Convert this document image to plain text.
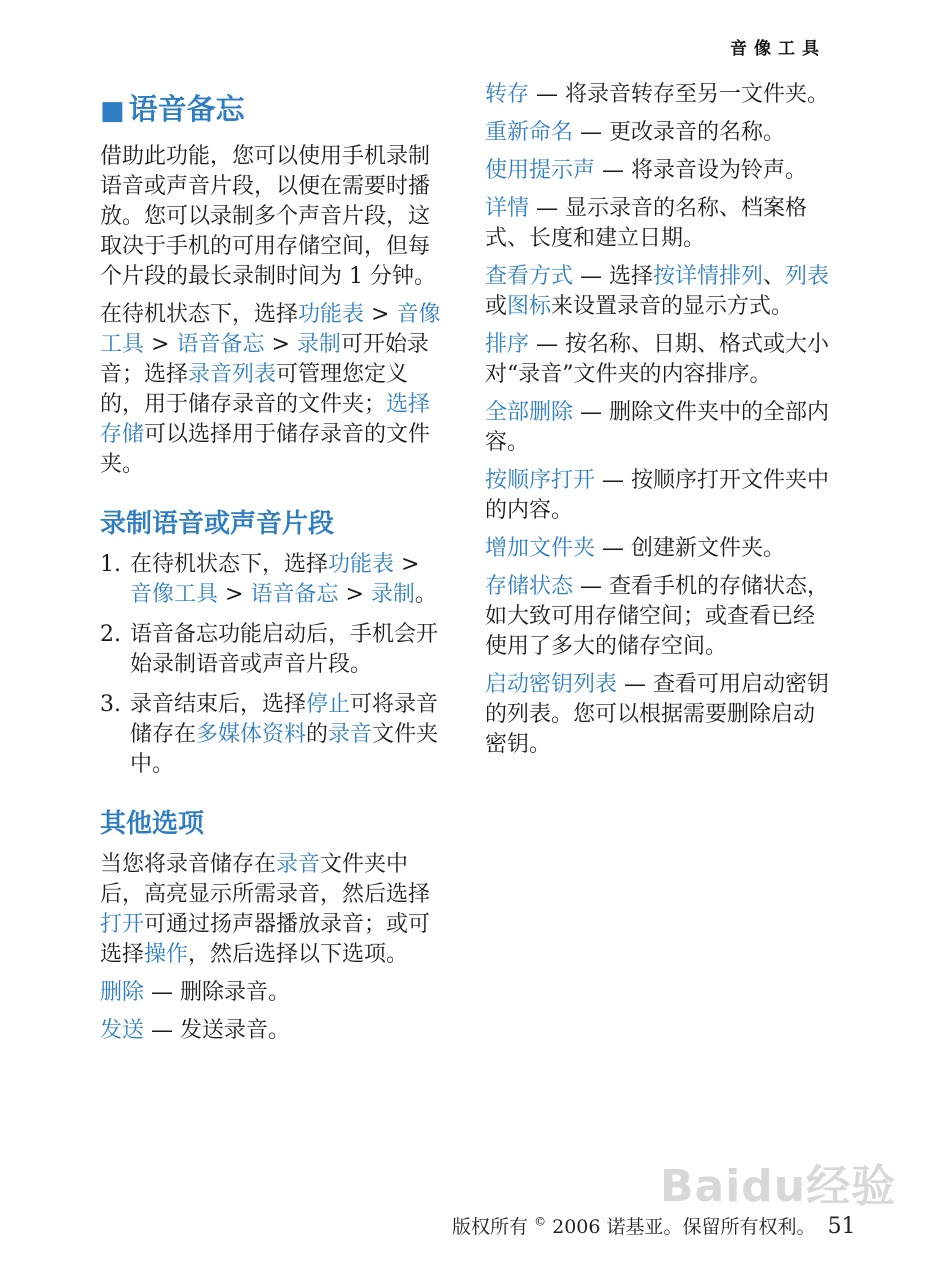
音像工具
■ 语音备忘

借助此功能，您可以使用手机录制语音或声音片段，以便在需要时播放。您可以录制多个声音片段，这取决于手机的可用存储空间，但每个片段的最长录制时间为 1 分钟。

在待机状态下，选择功能表 > 音像工具 > 语音备忘 > 录制可开始录音；选择录音列表可管理您定义的，用于储存录音的文件夹；选择存储可以选择用于储存录音的文件夹。

录制语音或声音片段
1. 在待机状态下，选择功能表 > 音像工具 > 语音备忘 > 录制。
2. 语音备忘功能启动后，手机会开始录制语音或声音片段。
3. 录音结束后，选择停止可将录音储存在多媒体资料的录音文件夹中。
其他选项

当您将录音储存在录音文件夹中后，高亮显示所需录音，然后选择打开可通过扬声器播放录音；或可选择操作，然后选择以下选项。

删除 — 删除录音。
发送 — 发送录音。
转存 — 将录音转存至另一文件夹。
重新命名 — 更改录音的名称。
使用提示声 — 将录音设为铃声。
详情 — 显示录音的名称、档案格式、长度和建立日期。
查看方式 — 选择按详情排列、列表或图标来设置录音的显示方式。
排序 — 按名称、日期、格式或大小对“录音”文件夹的内容排序。
全部删除 — 删除文件夹中的全部内容。
按顺序打开 — 按顺序打开文件夹中的内容。
增加文件夹 — 创建新文件夹。
存储状态 — 查看手机的存储状态，如大致可用存储空间；或查看已经使用了多大的储存空间。
启动密钥列表 — 查看可用启动密钥的列表。您可以根据需要删除启动密钥。
Baidu经验
版权所有 © 2006 诺基亚。保留所有权利。 51
